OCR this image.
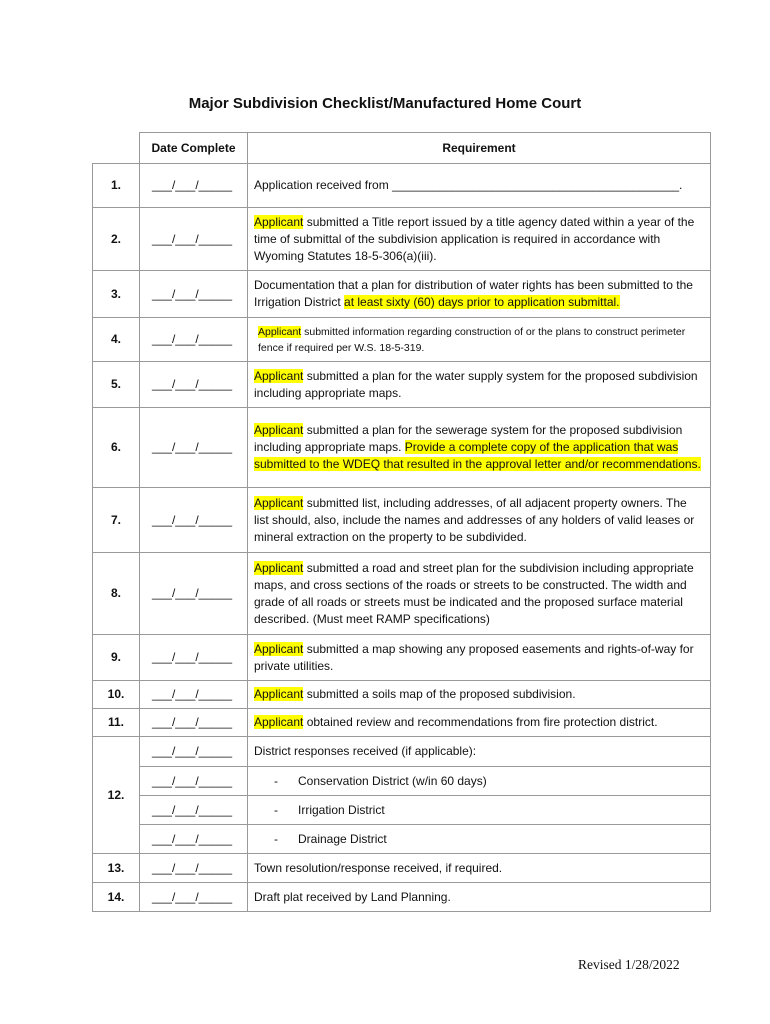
Major Subdivision Checklist/Manufactured Home Court
	Date Complete	Requirement
1.	___/___/_____	Application received from ___________________________________________.
2.	___/___/_____	Applicant submitted a Title report issued by a title agency dated within a year of the time of submittal of the subdivision application is required in accordance with Wyoming Statutes 18-5-306(a)(iii).
3.	___/___/_____	Documentation that a plan for distribution of water rights has been submitted to the Irrigation District at least sixty (60) days prior to application submittal.
4.	___/___/_____	Applicant submitted information regarding construction of or the plans to construct perimeter fence if required per W.S. 18-5-319.
5.	___/___/_____	Applicant submitted a plan for the water supply system for the proposed subdivision including appropriate maps.
6.	___/___/_____	Applicant submitted a plan for the sewerage system for the proposed subdivision including appropriate maps. Provide a complete copy of the application that was submitted to the WDEQ that resulted in the approval letter and/or recommendations.
7.	___/___/_____	Applicant submitted list, including addresses, of all adjacent property owners. The list should, also, include the names and addresses of any holders of valid leases or mineral extraction on the property to be subdivided.
8.	___/___/_____	Applicant submitted a road and street plan for the subdivision including appropriate maps, and cross sections of the roads or streets to be constructed. The width and grade of all roads or streets must be indicated and the proposed surface material described. (Must meet RAMP specifications)
9.	___/___/_____	Applicant submitted a map showing any proposed easements and rights-of-way for private utilities.
10.	___/___/_____	Applicant submitted a soils map of the proposed subdivision.
11.	___/___/_____	Applicant obtained review and recommendations from fire protection district.
12.	___/___/_____	District responses received (if applicable):
	___/___/_____	- Conservation District (w/in 60 days)
	___/___/_____	- Irrigation District
	___/___/_____	- Drainage District
13.	___/___/_____	Town resolution/response received, if required.
14.	___/___/_____	Draft plat received by Land Planning.
Revised 1/28/2022
